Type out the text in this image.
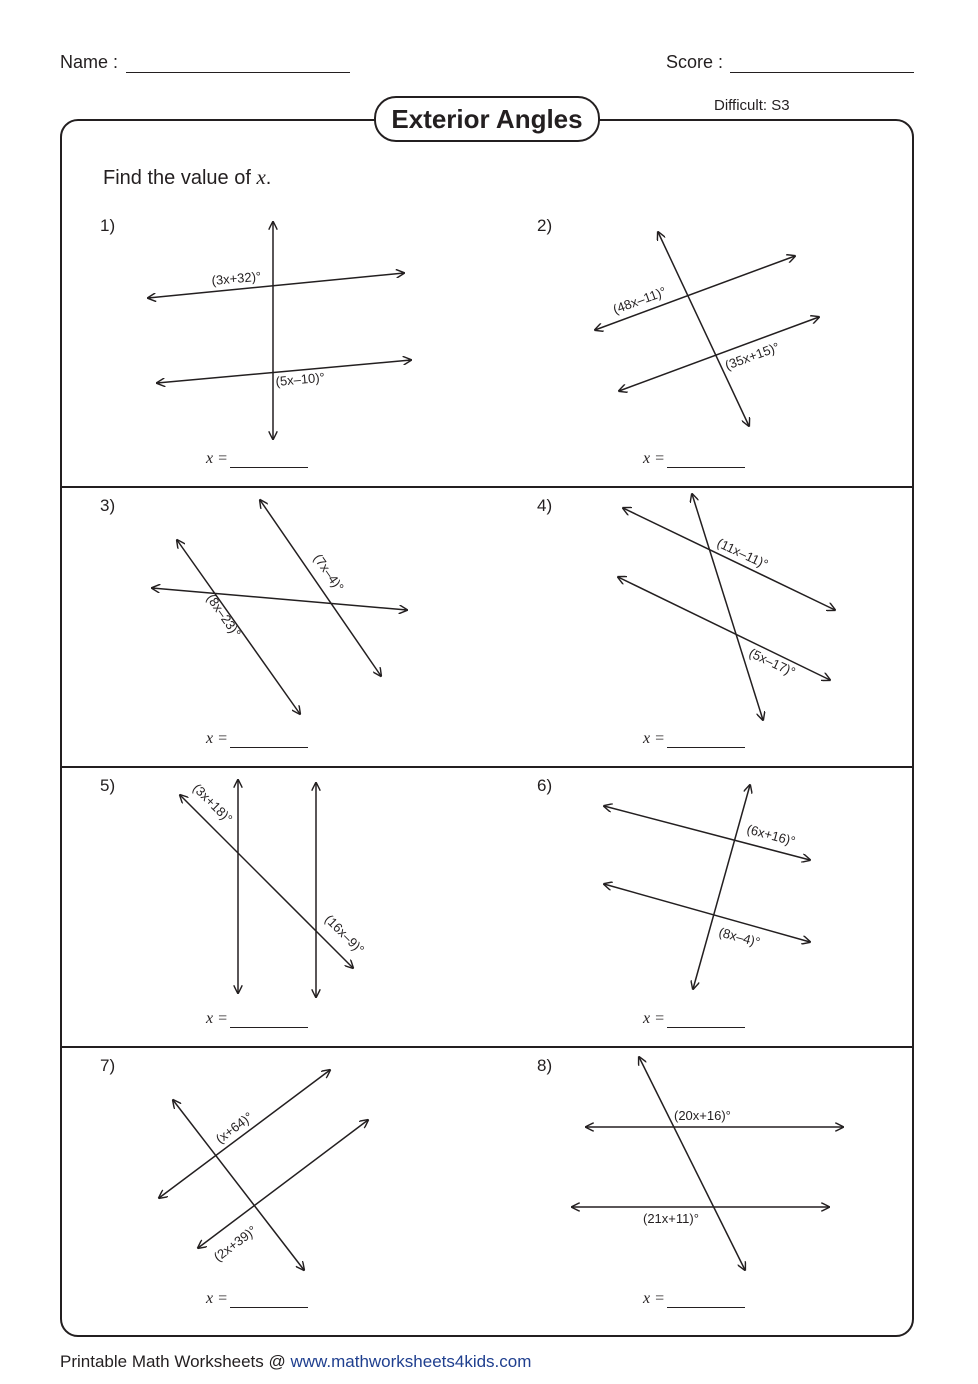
Name :	Score :
Exterior Angles	Difficult: S3
Find the value of x.
1)	2)
3)	4)
5)	6)
7)	8)
x =	x =
x =	x =
x =	x =
x =	x =
(3x+32)°
(5x–10)°
(48x–11)°
(35x+15)°
(7x–4)°
(8x–23)°
(11x–11)°
(5x–17)°
(3x+18)°
(16x–9)°
(6x+16)°
(8x–4)°
(x+64)°
(2x+39)°
(20x+16)°
(21x+11)°
Printable Math Worksheets @ www.mathworksheets4kids.com
